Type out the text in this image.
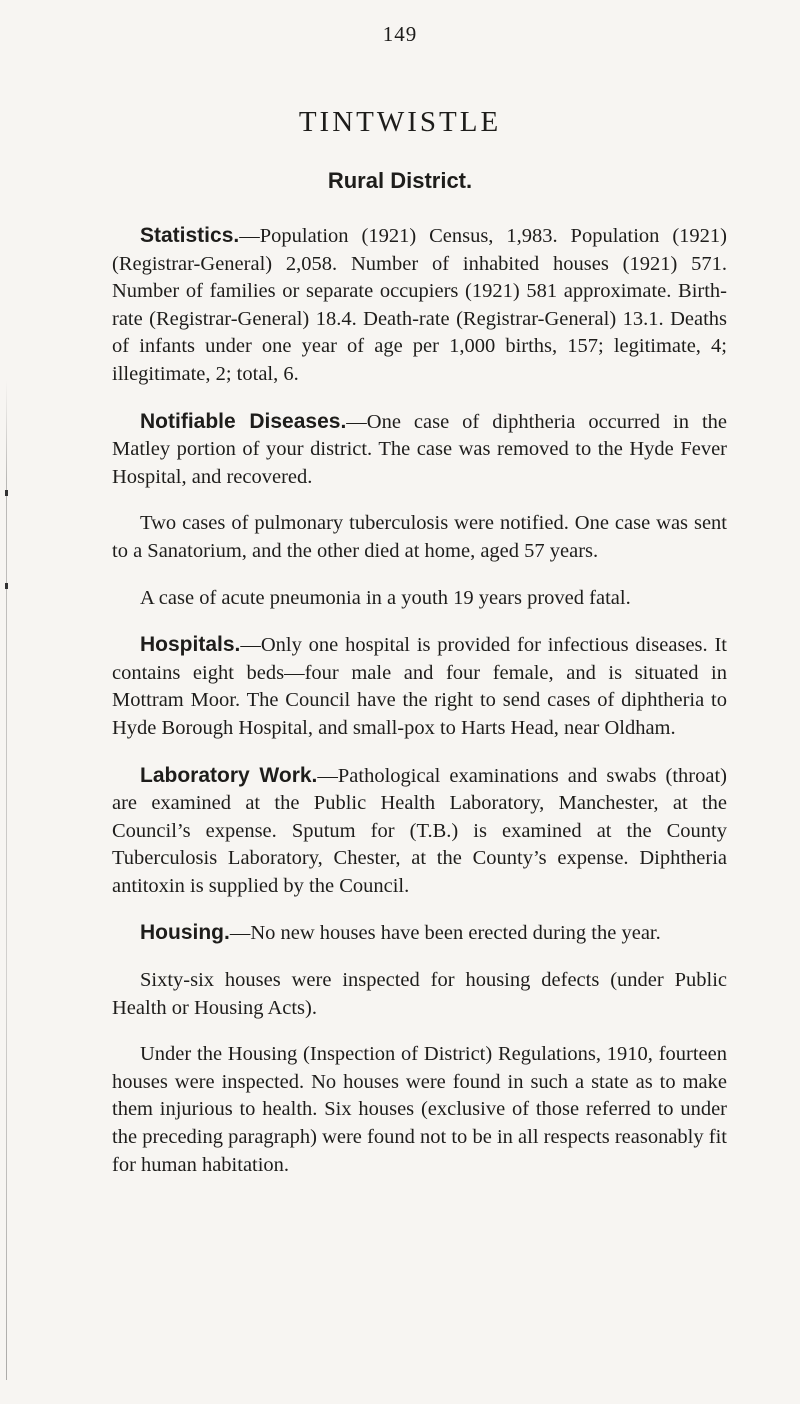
149
TINTWISTLE
Rural District.

Statistics.—Population (1921) Census, 1,983. Population (1921) (Registrar-General) 2,058. Number of inhabited houses (1921) 571. Number of families or separate occupiers (1921) 581 approximate. Birth-rate (Registrar-General) 18.4. Death-rate (Registrar-General) 13.1. Deaths of infants under one year of age per 1,000 births, 157; legitimate, 4; illegitimate, 2; total, 6.

Notifiable Diseases.—One case of diphtheria occurred in the Matley portion of your district. The case was removed to the Hyde Fever Hospital, and recovered.

Two cases of pulmonary tuberculosis were notified. One case was sent to a Sanatorium, and the other died at home, aged 57 years.

A case of acute pneumonia in a youth 19 years proved fatal.

Hospitals.—Only one hospital is provided for infectious diseases. It contains eight beds—four male and four female, and is situated in Mottram Moor. The Council have the right to send cases of diphtheria to Hyde Borough Hospital, and small-pox to Harts Head, near Oldham.

Laboratory Work.—Pathological examinations and swabs (throat) are examined at the Public Health Laboratory, Manchester, at the Council’s expense. Sputum for (T.B.) is examined at the County Tuberculosis Laboratory, Chester, at the County’s expense. Diphtheria antitoxin is supplied by the Council.

Housing.—No new houses have been erected during the year.

Sixty-six houses were inspected for housing defects (under Public Health or Housing Acts).

Under the Housing (Inspection of District) Regulations, 1910, fourteen houses were inspected. No houses were found in such a state as to make them injurious to health. Six houses (exclusive of those referred to under the preceding paragraph) were found not to be in all respects reasonably fit for human habitation.
